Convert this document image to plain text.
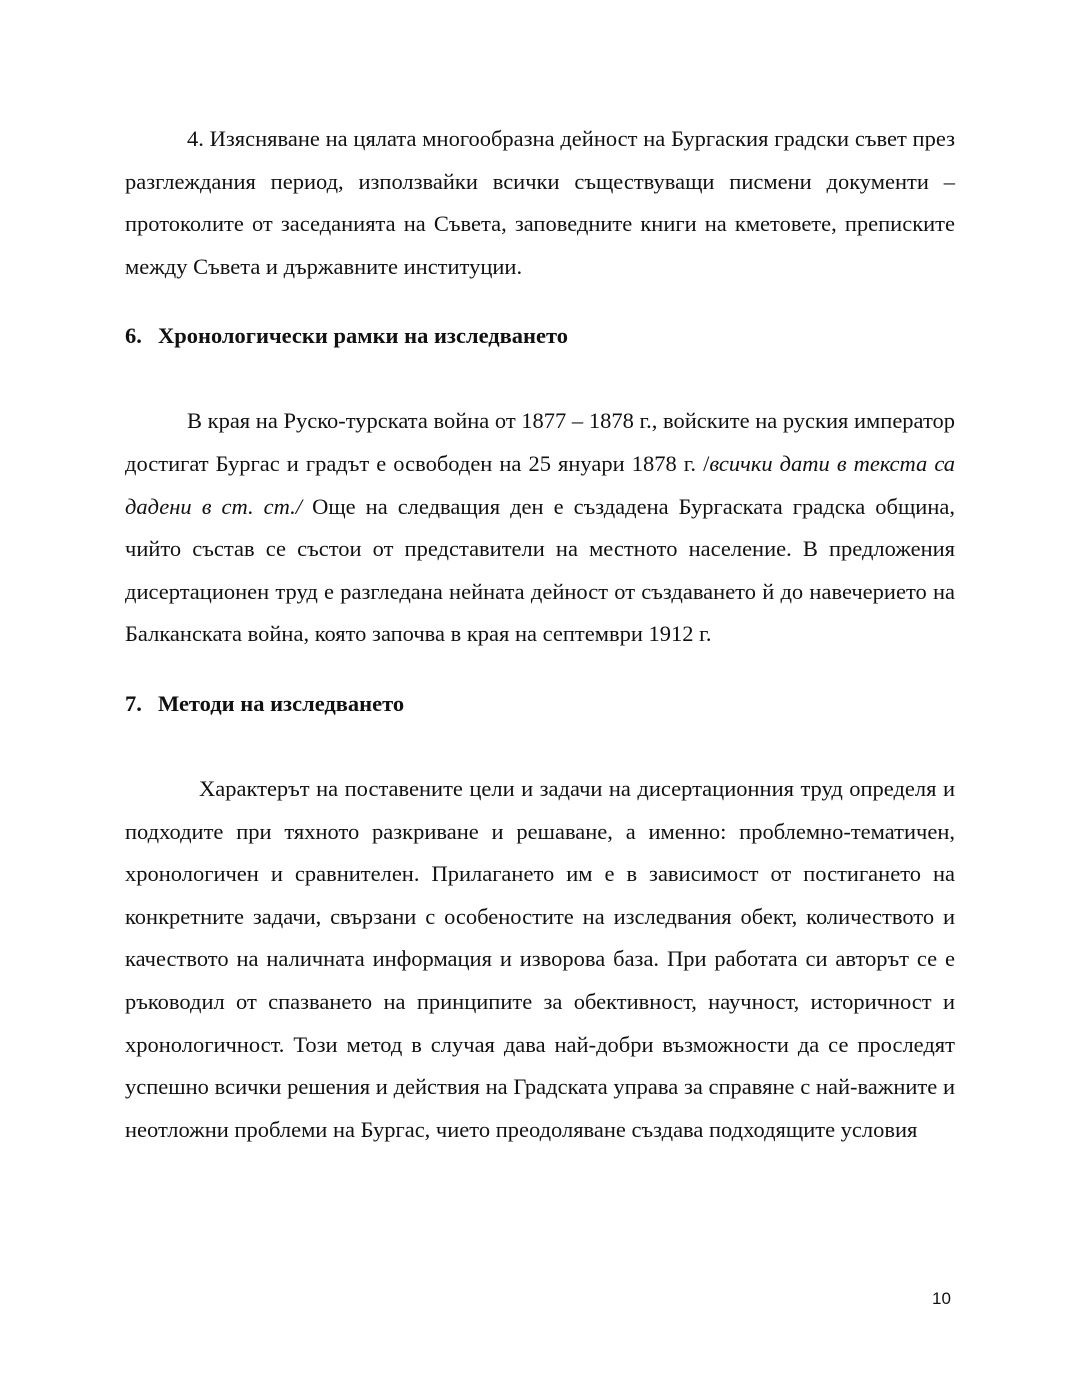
4. Изясняване на цялата многообразна дейност на Бургаския градски съвет през разглеждания период, използвайки всички съществуващи писмени документи – протоколите от заседанията на Съвета, заповедните книги на кметовете, преписките между Съвета и държавните институции.

6. Хронологически рамки на изследването

В края на Руско-турската война от 1877 – 1878 г., войските на руския император достигат Бургас и градът е освободен на 25 януари 1878 г. /всички дати в текста са дадени в ст. ст./ Още на следващия ден е създадена Бургаската градска община, чийто състав се състои от представители на местното население. В предложения дисертационен труд е разгледана нейната дейност от създаването й до навечерието на Балканската война, която започва в края на септември 1912 г.

7. Методи на изследването

Характерът на поставените цели и задачи на дисертационния труд определя и подходите при тяхното разкриване и решаване, а именно: проблемно-тематичен, хронологичен и сравнителен. Прилагането им е в зависимост от постигането на конкретните задачи, свързани с особеностите на изследвания обект, количеството и качеството на наличната информация и изворова база. При работата си авторът се е ръководил от спазването на принципите за обективност, научност, историчност и хронологичност. Този метод в случая дава най-добри възможности да се проследят успешно всички решения и действия на Градската управа за справяне с най-важните и неотложни проблеми на Бургас, чието преодоляване създава подходящите условия

10
